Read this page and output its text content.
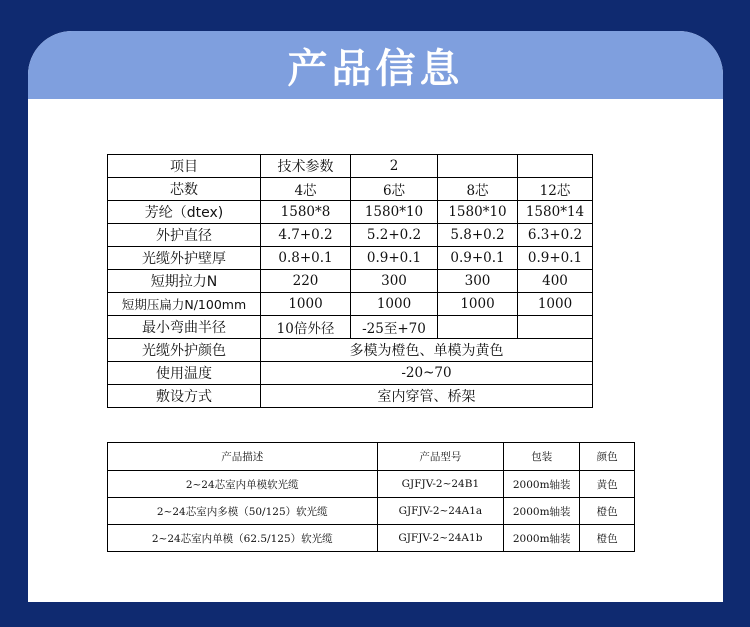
产品信息
项目	技术参数	2		
芯数	4芯	6芯	8芯	12芯
芳纶（dtex)	1580*8	1580*10	1580*10	1580*14
外护直径	4.7+0.2	5.2+0.2	5.8+0.2	6.3+0.2
光缆外护壁厚	0.8+0.1	0.9+0.1	0.9+0.1	0.9+0.1
短期拉力N	220	300	300	400
短期压扁力N/100mm	1000	1000	1000	1000
最小弯曲半径	10倍外径	-25至+70		
光缆外护颜色	多模为橙色、单模为黄色			
使用温度	-20~70			
敷设方式	室内穿管、桥架			
产品描述	产品型号	包装	颜色
2~24芯室内单模软光缆	GJFJV-2~24B1	2000m轴装	黄色
2~24芯室内多模（50/125）软光缆	GJFJV-2~24A1a	2000m轴装	橙色
2~24芯室内单模（62.5/125）软光缆	GJFJV-2~24A1b	2000m轴装	橙色
